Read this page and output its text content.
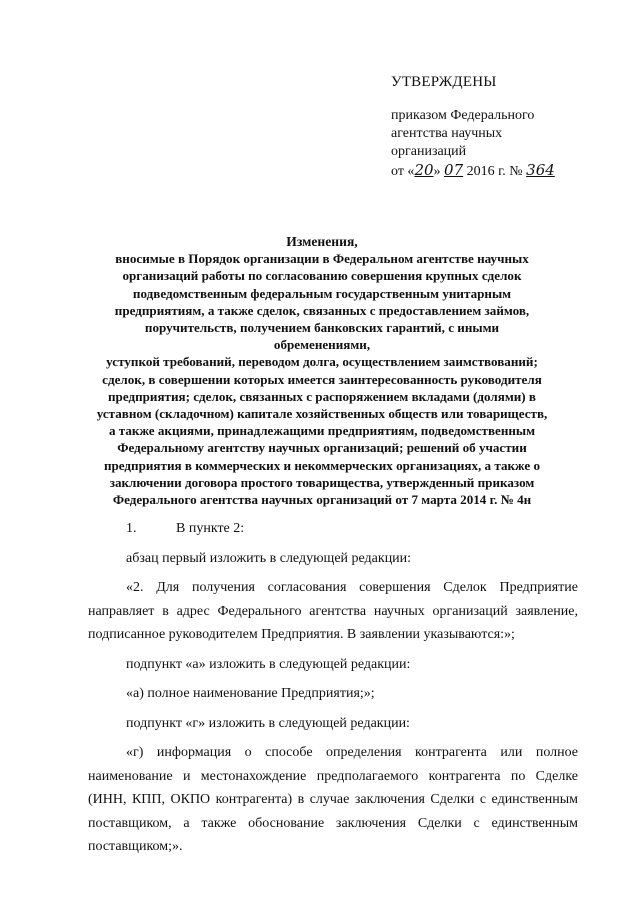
УТВЕРЖДЕНЫ
приказом Федерального
агентства научных
организаций
от «20» 07 2016 г. № 364
Изменения,
вносимые в Порядок организации в Федеральном агентстве научных
организаций работы по согласованию совершения крупных сделок
подведомственным федеральным государственным унитарным
предприятиям, а также сделок, связанных с предоставлением займов,
поручительств, получением банковских гарантий, с иными обременениями,
уступкой требований, переводом долга, осуществлением заимствований;
сделок, в совершении которых имеется заинтересованность руководителя
предприятия; сделок, связанных с распоряжением вкладами (долями) в
уставном (складочном) капитале хозяйственных обществ или товариществ,
а также акциями, принадлежащими предприятиям, подведомственным
Федеральному агентству научных организаций; решений об участии
предприятия в коммерческих и некоммерческих организациях, а также о
заключении договора простого товарищества, утвержденный приказом
Федерального агентства научных организаций от 7 марта 2014 г. № 4н
1.	В пункте 2:
абзац первый изложить в следующей редакции:
«2. Для получения согласования совершения Сделок Предприятие направляет в адрес Федерального агентства научных организаций заявление, подписанное руководителем Предприятия. В заявлении указываются:»;
подпункт «а» изложить в следующей редакции:
«а) полное наименование Предприятия;»;
подпункт «г» изложить в следующей редакции:
«г) информация о способе определения контрагента или полное наименование и местонахождение предполагаемого контрагента по Сделке (ИНН, КПП, ОКПО контрагента) в случае заключения Сделки с единственным поставщиком, а также обоснование заключения Сделки с единственным поставщиком;».
